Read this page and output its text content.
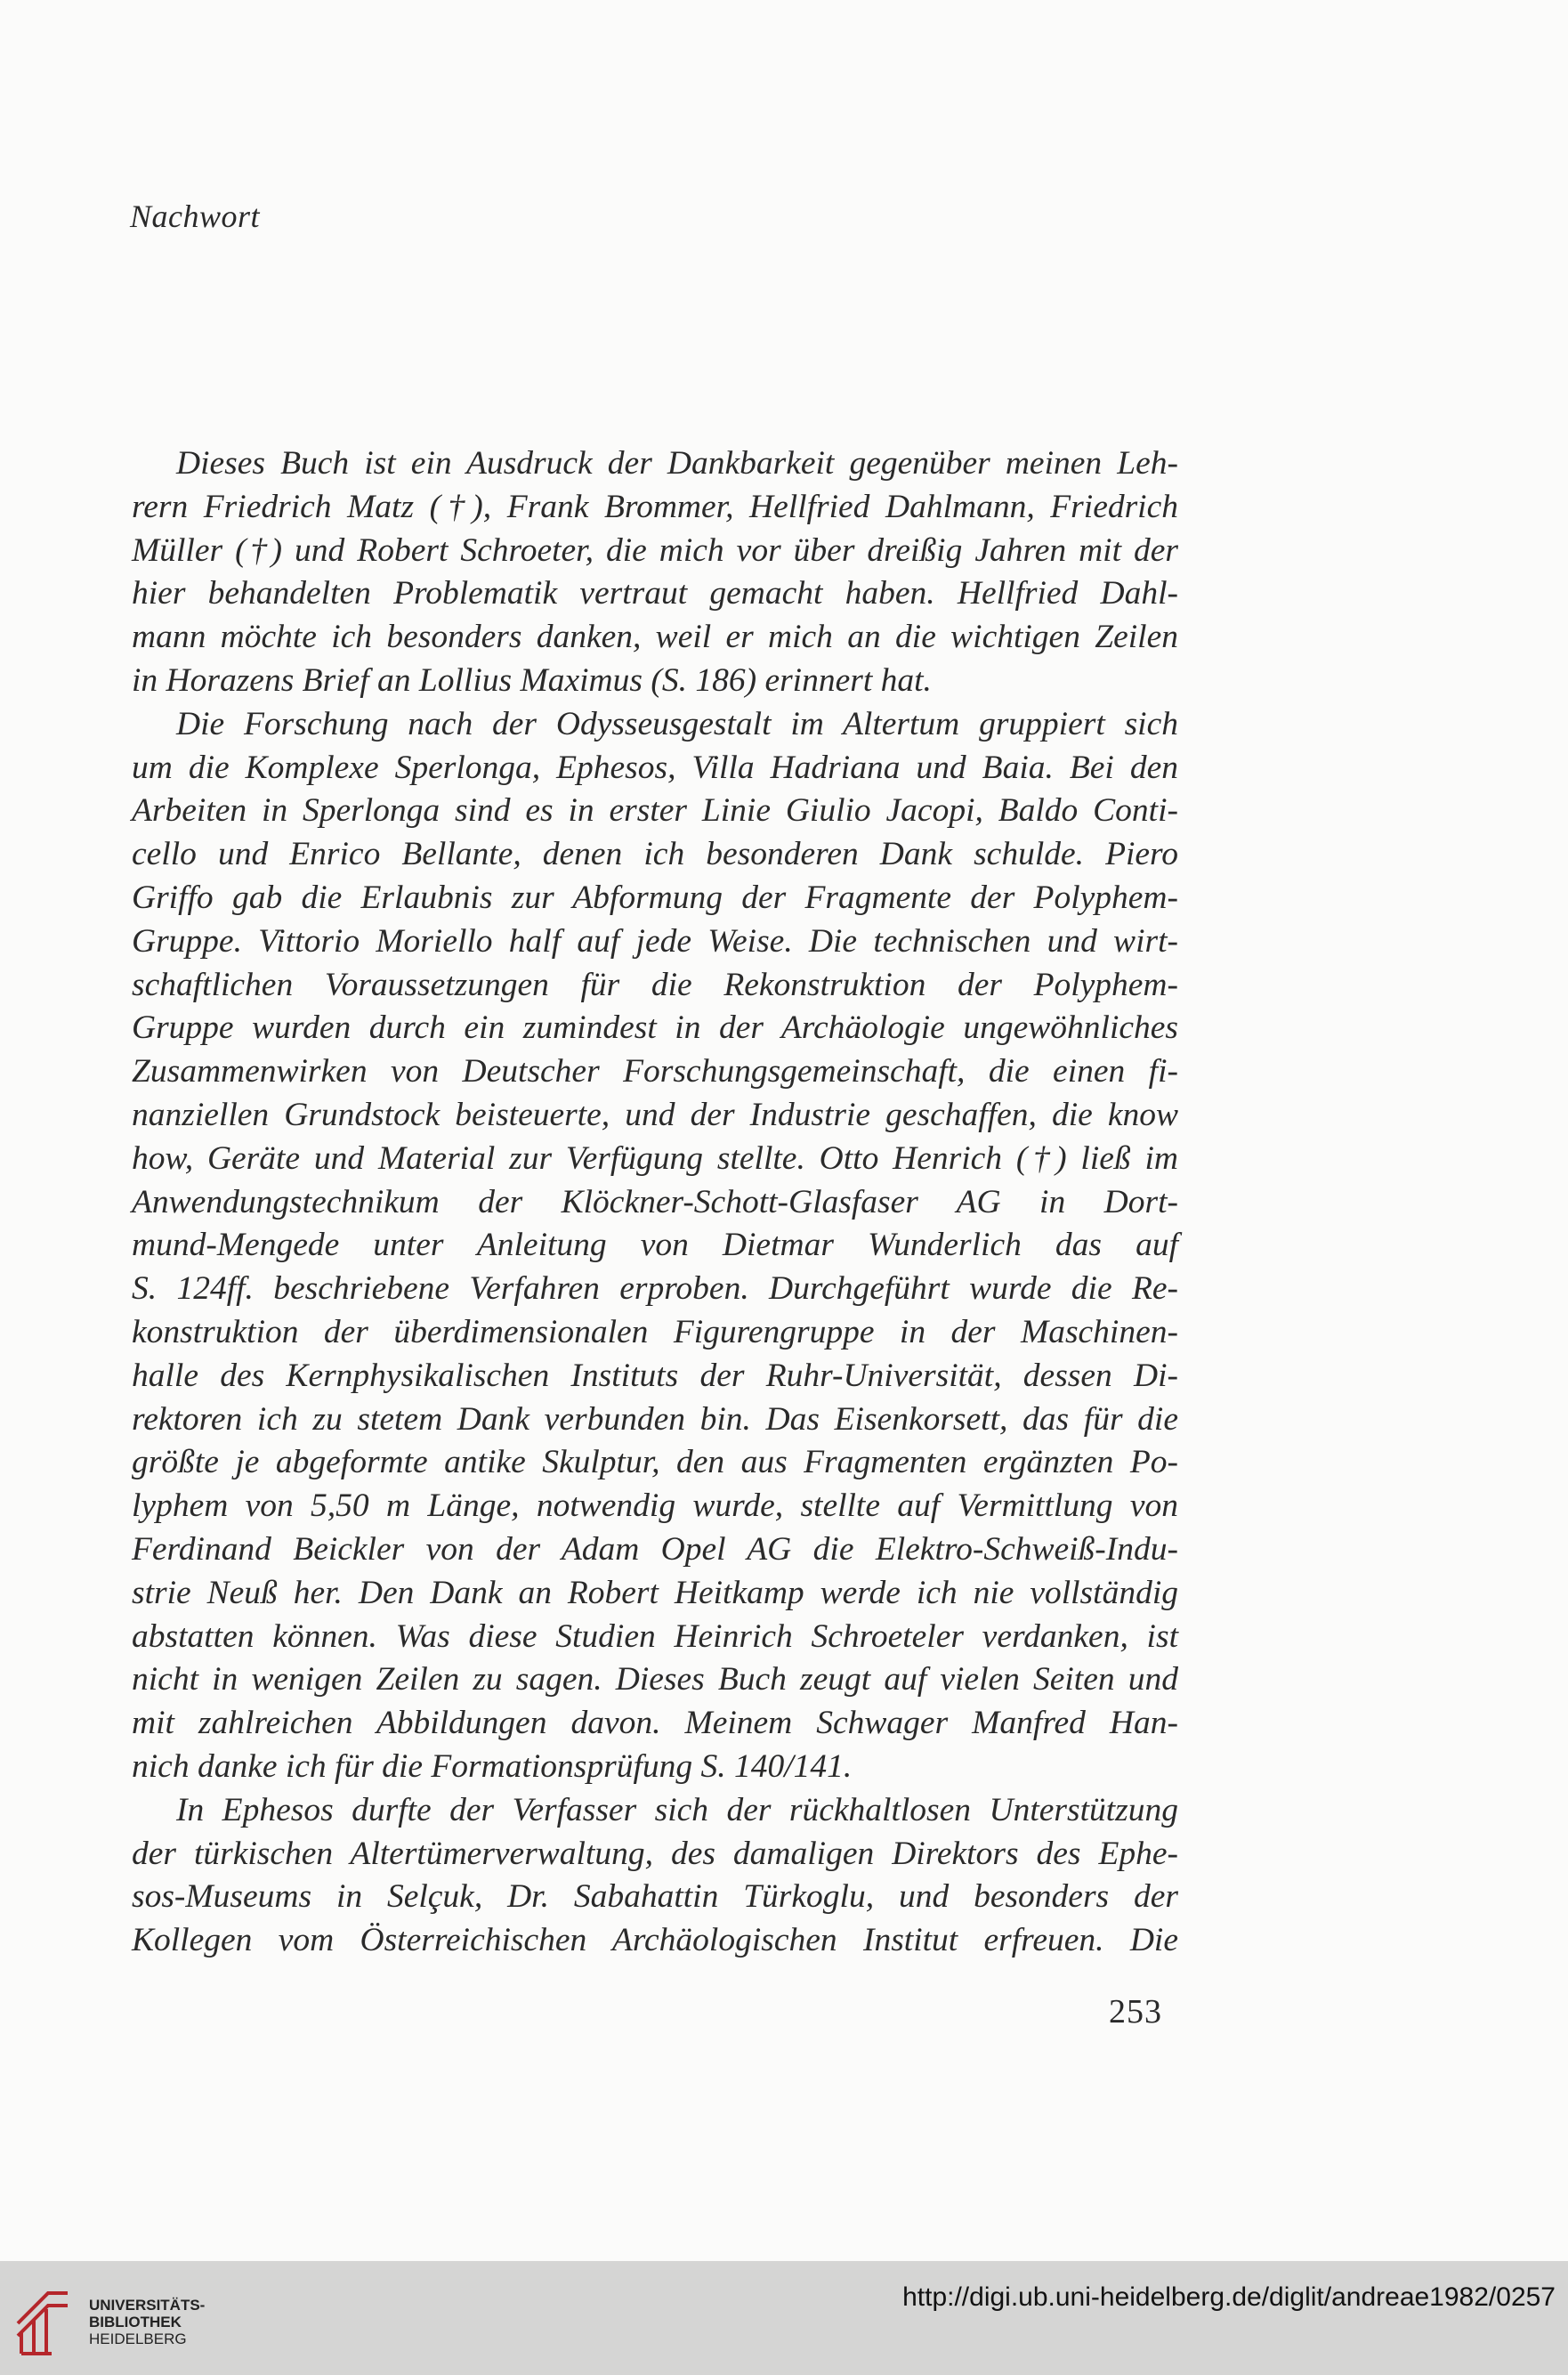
Nachwort
Dieses Buch ist ein Ausdruck der Dankbarkeit gegenüber meinen Leh-
rern Friedrich Matz (†), Frank Brommer, Hellfried Dahlmann, Friedrich
Müller (†) und Robert Schroeter, die mich vor über dreißig Jahren mit der
hier behandelten Problematik vertraut gemacht haben. Hellfried Dahl-
mann möchte ich besonders danken, weil er mich an die wichtigen Zeilen
in Horazens Brief an Lollius Maximus (S. 186) erinnert hat.
Die Forschung nach der Odysseusgestalt im Altertum gruppiert sich
um die Komplexe Sperlonga, Ephesos, Villa Hadriana und Baia. Bei den
Arbeiten in Sperlonga sind es in erster Linie Giulio Jacopi, Baldo Conti-
cello und Enrico Bellante, denen ich besonderen Dank schulde. Piero
Griffo gab die Erlaubnis zur Abformung der Fragmente der Polyphem-
Gruppe. Vittorio Moriello half auf jede Weise. Die technischen und wirt-
schaftlichen Voraussetzungen für die Rekonstruktion der Polyphem-
Gruppe wurden durch ein zumindest in der Archäologie ungewöhnliches
Zusammenwirken von Deutscher Forschungsgemeinschaft, die einen fi-
nanziellen Grundstock beisteuerte, und der Industrie geschaffen, die know
how, Geräte und Material zur Verfügung stellte. Otto Henrich (†) ließ im
Anwendungstechnikum der Klöckner-Schott-Glasfaser AG in Dort-
mund-Mengede unter Anleitung von Dietmar Wunderlich das auf
S. 124ff. beschriebene Verfahren erproben. Durchgeführt wurde die Re-
konstruktion der überdimensionalen Figurengruppe in der Maschinen-
halle des Kernphysikalischen Instituts der Ruhr-Universität, dessen Di-
rektoren ich zu stetem Dank verbunden bin. Das Eisenkorsett, das für die
größte je abgeformte antike Skulptur, den aus Fragmenten ergänzten Po-
lyphem von 5,50 m Länge, notwendig wurde, stellte auf Vermittlung von
Ferdinand Beickler von der Adam Opel AG die Elektro-Schweiß-Indu-
strie Neuß her. Den Dank an Robert Heitkamp werde ich nie vollständig
abstatten können. Was diese Studien Heinrich Schroeteler verdanken, ist
nicht in wenigen Zeilen zu sagen. Dieses Buch zeugt auf vielen Seiten und
mit zahlreichen Abbildungen davon. Meinem Schwager Manfred Han-
nich danke ich für die Formationsprüfung S. 140/141.
In Ephesos durfte der Verfasser sich der rückhaltlosen Unterstützung
der türkischen Altertümerverwaltung, des damaligen Direktors des Ephe-
sos-Museums in Selçuk, Dr. Sabahattin Türkoglu, und besonders der
Kollegen vom Österreichischen Archäologischen Institut erfreuen. Die
253
UNIVERSITÄTS-
BIBLIOTHEK
HEIDELBERG
http://digi.ub.uni-heidelberg.de/diglit/andreae1982/0257
